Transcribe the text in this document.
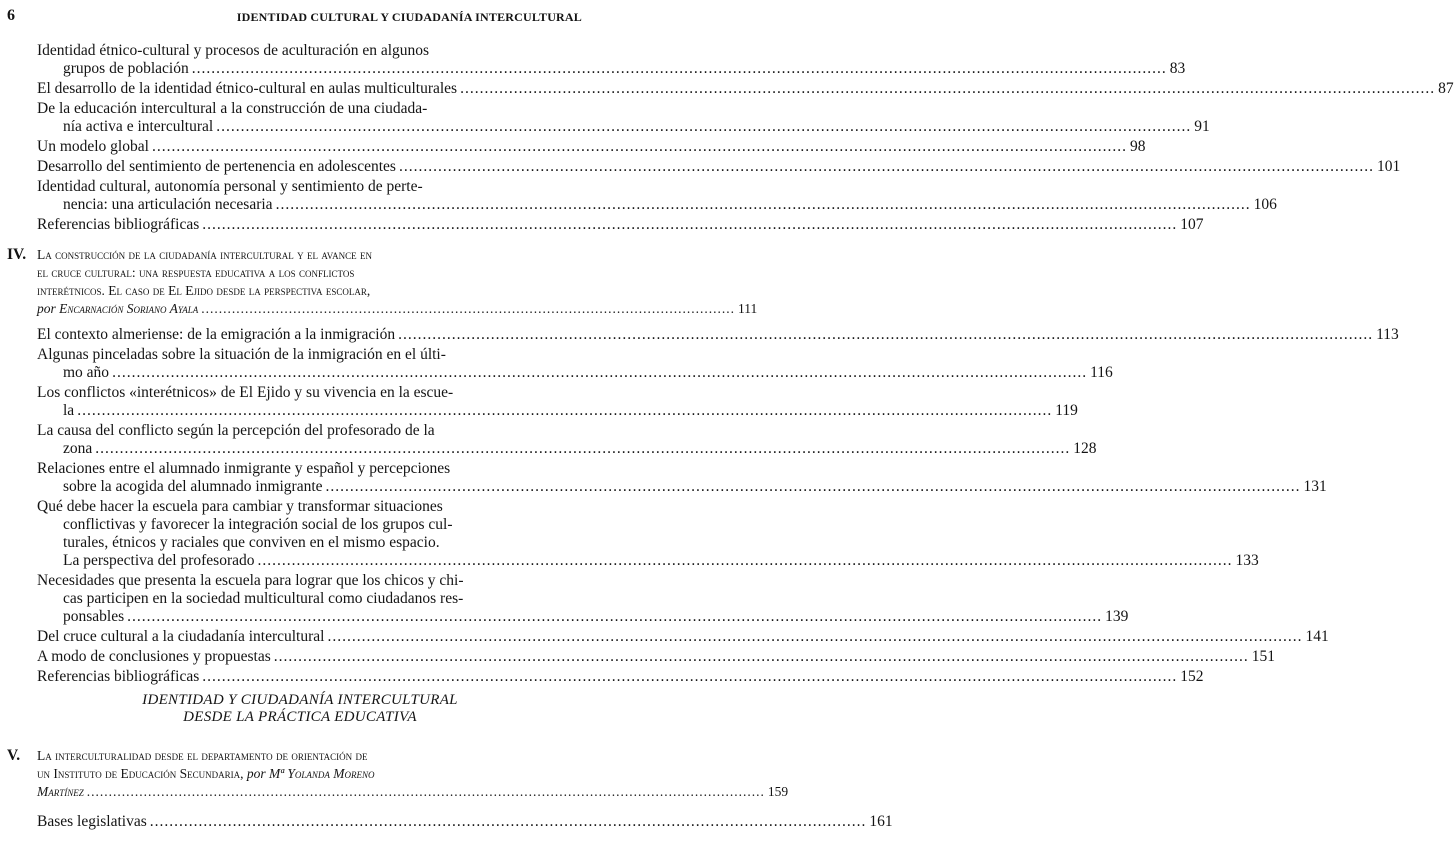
6	IDENTIDAD CULTURAL Y CIUDADANÍA INTERCULTURAL
Identidad étnico-cultural y procesos de aculturación en algunos
grupos de población ........................................................................................................................................................................................................ 83
El desarrollo de la identidad étnico-cultural en aulas multiculturales ........................................................................................................................................................................................................ 87
De la educación intercultural a la construcción de una ciudada-
nía activa e intercultural ........................................................................................................................................................................................................ 91
Un modelo global ........................................................................................................................................................................................................ 98
Desarrollo del sentimiento de pertenencia en adolescentes ........................................................................................................................................................................................................ 101
Identidad cultural, autonomía personal y sentimiento de perte-
nencia: una articulación necesaria ........................................................................................................................................................................................................ 106
Referencias bibliográficas ........................................................................................................................................................................................................ 107
IV. La construcción de la ciudadanía intercultural y el avance en
el cruce cultural: una respuesta educativa a los conflictos
interétnicos. El caso de El Ejido desde la perspectiva escolar,
por Encarnación Soriano Ayala .......................................................................................................................... 111
El contexto almeriense: de la emigración a la inmigración ........................................................................................................................................................................................................ 113
Algunas pinceladas sobre la situación de la inmigración en el últi-
mo año ........................................................................................................................................................................................................ 116
Los conflictos «interétnicos» de El Ejido y su vivencia en la escue-
la ........................................................................................................................................................................................................ 119
La causa del conflicto según la percepción del profesorado de la
zona ........................................................................................................................................................................................................ 128
Relaciones entre el alumnado inmigrante y español y percepciones
sobre la acogida del alumnado inmigrante ........................................................................................................................................................................................................ 131
Qué debe hacer la escuela para cambiar y transformar situaciones
conflictivas y favorecer la integración social de los grupos cul-
turales, étnicos y raciales que conviven en el mismo espacio.
La perspectiva del profesorado ........................................................................................................................................................................................................ 133
Necesidades que presenta la escuela para lograr que los chicos y chi-
cas participen en la sociedad multicultural como ciudadanos res-
ponsables ........................................................................................................................................................................................................ 139
Del cruce cultural a la ciudadanía intercultural ........................................................................................................................................................................................................ 141
A modo de conclusiones y propuestas ........................................................................................................................................................................................................ 151
Referencias bibliográficas ........................................................................................................................................................................................................ 152
IDENTIDAD Y CIUDADANÍA INTERCULTURAL
DESDE LA PRÁCTICA EDUCATIVA
V. La interculturalidad desde el departamento de orientación de
un Instituto de Educación Secundaria, por Mª Yolanda Moreno
Martínez ........................................................................................................................................................... 159
Bases legislativas ................................................................................................................................................... 161
